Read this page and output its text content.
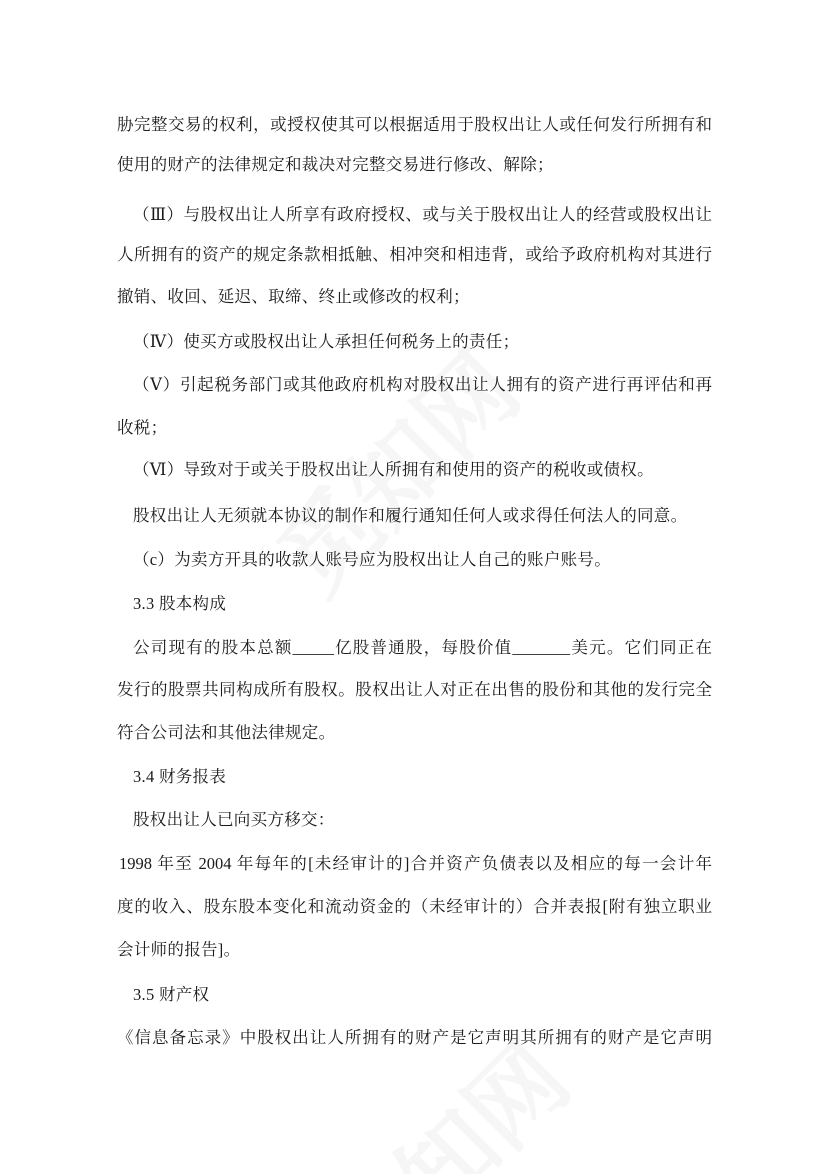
胁完整交易的权利，或授权使其可以根据适用于股权出让人或任何发行所拥有和
使用的财产的法律规定和裁决对完整交易进行修改、解除；
（Ⅲ）与股权出让人所享有政府授权、或与关于股权出让人的经营或股权出让
人所拥有的资产的规定条款相抵触、相冲突和相违背，或给予政府机构对其进行
撤销、收回、延迟、取缔、终止或修改的权利；
（Ⅳ）使买方或股权出让人承担任何税务上的责任；
（Ⅴ）引起税务部门或其他政府机构对股权出让人拥有的资产进行再评估和再
收税；
（Ⅵ）导致对于或关于股权出让人所拥有和使用的资产的税收或债权。
股权出让人无须就本协议的制作和履行通知任何人或求得任何法人的同意。
（c）为卖方开具的收款人账号应为股权出让人自己的账户账号。
3.3 股本构成
公司现有的股本总额_____亿股普通股，每股价值_______美元。它们同正在
发行的股票共同构成所有股权。股权出让人对正在出售的股份和其他的发行完全
符合公司法和其他法律规定。
3.4 财务报表
股权出让人已向买方移交：
1998 年至 2004 年每年的[未经审计的]合并资产负债表以及相应的每一会计年
度的收入、股东股本变化和流动资金的（未经审计的）合并表报[附有独立职业
会计师的报告]。
3.5 财产权
《信息备忘录》中股权出让人所拥有的财产是它声明其所拥有的财产是它声明
